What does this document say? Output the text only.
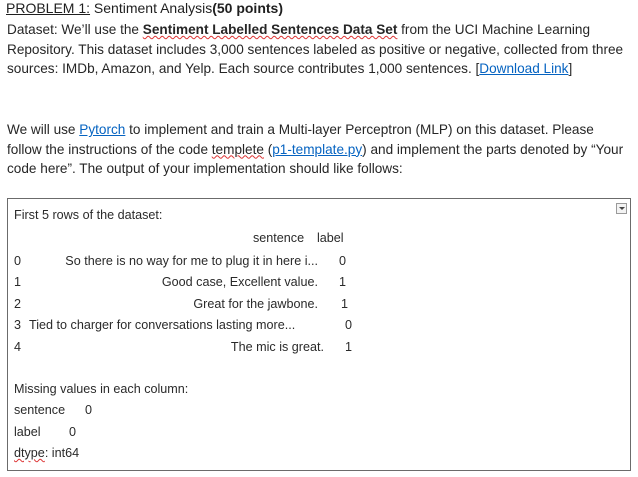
PROBLEM 1: Sentiment Analysis(50 points)
Dataset: We’ll use the Sentiment Labelled Sentences Data Set from the UCI Machine Learning Repository. This dataset includes 3,000 sentences labeled as positive or negative, collected from three sources: IMDb, Amazon, and Yelp. Each source contributes 1,000 sentences. [Download Link]
We will use Pytorch to implement and train a Multi-layer Perceptron (MLP) on this dataset. Please follow the instructions of the code templete (p1-template.py) and implement the parts denoted by “Your code here”. The output of your implementation should like follows:
First 5 rows of the dataset:
sentence label
0	So there is no way for me to plug it in here i... 0
1	Good case, Excellent value. 1
2	Great for the jawbone. 1
3 Tied to charger for conversations lasting more...	0
4	The mic is great. 1
Missing values in each column:
sentence 0
label 0
dtype: int64
